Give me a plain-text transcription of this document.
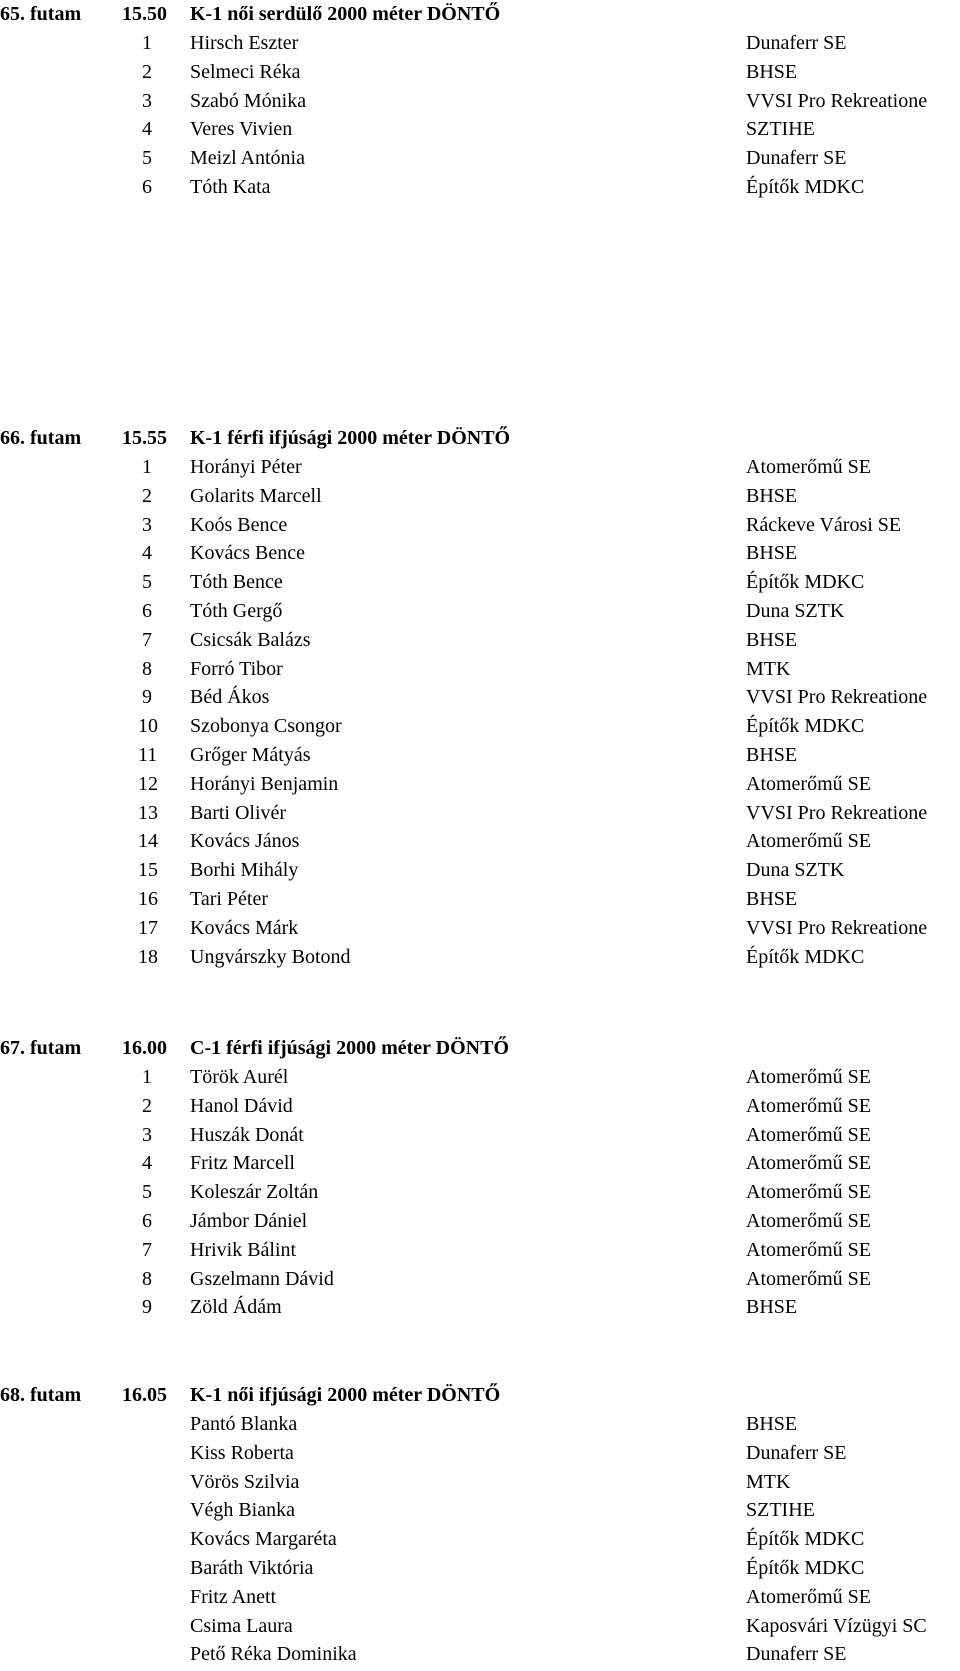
65. futam 15.50 K-1 női serdülő 2000 méter DÖNTŐ
1	Hirsch Eszter	Dunaferr SE
2	Selmeci Réka	BHSE
3	Szabó Mónika	VVSI Pro Rekreatione
4	Veres Vivien	SZTIHE
5	Meizl Antónia	Dunaferr SE
6	Tóth Kata	Építők MDKC
66. futam 15.55 K-1 férfi ifjúsági 2000 méter DÖNTŐ
1	Horányi Péter	Atomerőmű SE
2	Golarits Marcell	BHSE
3	Koós Bence	Ráckeve Városi SE
4	Kovács Bence	BHSE
5	Tóth Bence	Építők MDKC
6	Tóth Gergő	Duna SZTK
7	Csicsák Balázs	BHSE
8	Forró Tibor	MTK
9	Béd Ákos	VVSI Pro Rekreatione
10	Szobonya Csongor	Építők MDKC
11	Grőger Mátyás	BHSE
12	Horányi Benjamin	Atomerőmű SE
13	Barti Olivér	VVSI Pro Rekreatione
14	Kovács János	Atomerőmű SE
15	Borhi Mihály	Duna SZTK
16	Tari Péter	BHSE
17	Kovács Márk	VVSI Pro Rekreatione
18	Ungvárszky Botond	Építők MDKC
67. futam 16.00 C-1 férfi ifjúsági 2000 méter DÖNTŐ
1	Török Aurél	Atomerőmű SE
2	Hanol Dávid	Atomerőmű SE
3	Huszák Donát	Atomerőmű SE
4	Fritz Marcell	Atomerőmű SE
5	Koleszár Zoltán	Atomerőmű SE
6	Jámbor Dániel	Atomerőmű SE
7	Hrivik Bálint	Atomerőmű SE
8	Gszelmann Dávid	Atomerőmű SE
9	Zöld Ádám	BHSE
68. futam 16.05 K-1 női ifjúsági 2000 méter DÖNTŐ
Pantó Blanka	BHSE
Kiss Roberta	Dunaferr SE
Vörös Szilvia	MTK
Végh Bianka	SZTIHE
Kovács Margaréta	Építők MDKC
Baráth Viktória	Építők MDKC
Fritz Anett	Atomerőmű SE
Csima Laura	Kaposvári Vízügyi SC
Pető Réka Dominika	Dunaferr SE
